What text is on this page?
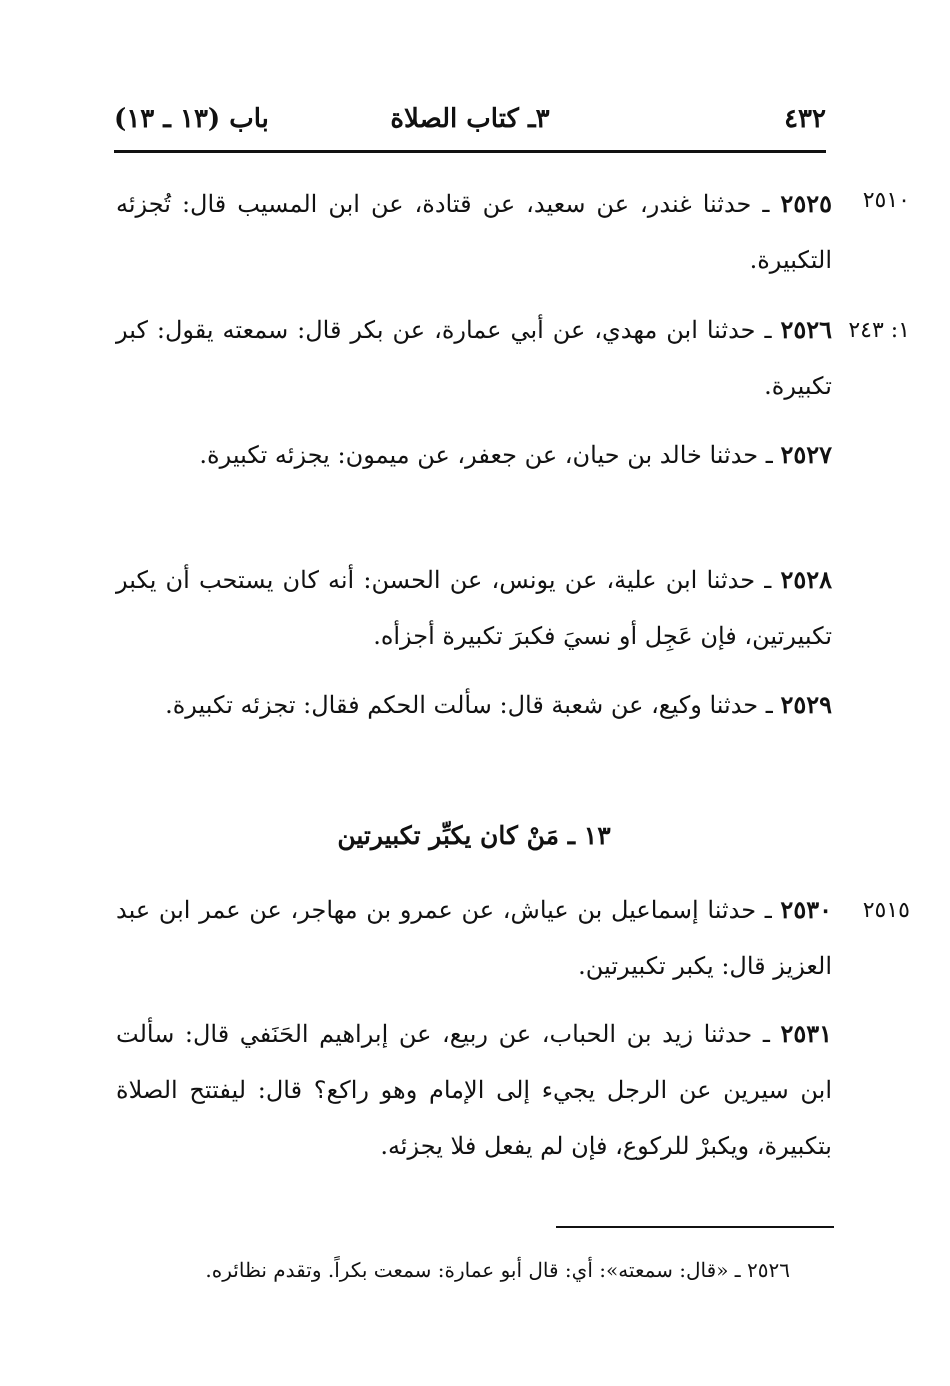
٤٣٢
٣ـ كتاب الصلاة
باب (١٣ ـ ١٣)
٢٥١٠
٢٥٢٥ ـ حدثنا غندر، عن سعيد، عن قتادة، عن ابن المسيب قال: تُجزئه التكبيرة.
١: ٢٤٣
٢٥٢٦ ـ حدثنا ابن مهدي، عن أبي عمارة، عن بكر قال: سمعته يقول: كبر تكبيرة.
٢٥٢٧ ـ حدثنا خالد بن حيان، عن جعفر، عن ميمون: يجزئه تكبيرة.
٢٥٢٨ ـ حدثنا ابن علية، عن يونس، عن الحسن: أنه كان يستحب أن يكبر تكبيرتين، فإن عَجِل أو نسيَ فكبرَ تكبيرة أجزأه.
٢٥٢٩ ـ حدثنا وكيع، عن شعبة قال: سألت الحكم فقال: تجزئه تكبيرة.
١٣ ـ مَنْ كان يكبِّر تكبيرتين
٢٥١٥
٢٥٣٠ ـ حدثنا إسماعيل بن عياش، عن عمرو بن مهاجر، عن عمر ابن عبد العزيز قال: يكبر تكبيرتين.
٢٥٣١ ـ حدثنا زيد بن الحباب، عن ربيع، عن إبراهيم الحَنَفي قال: سألت ابن سيرين عن الرجل يجيء إلى الإمام وهو راكع؟ قال: ليفتتح الصلاة بتكبيرة، ويكبرْ للركوع، فإن لم يفعل فلا يجزئه.
٢٥٢٦ ـ «قال: سمعته»: أي: قال أبو عمارة: سمعت بكراً. وتقدم نظائره.
